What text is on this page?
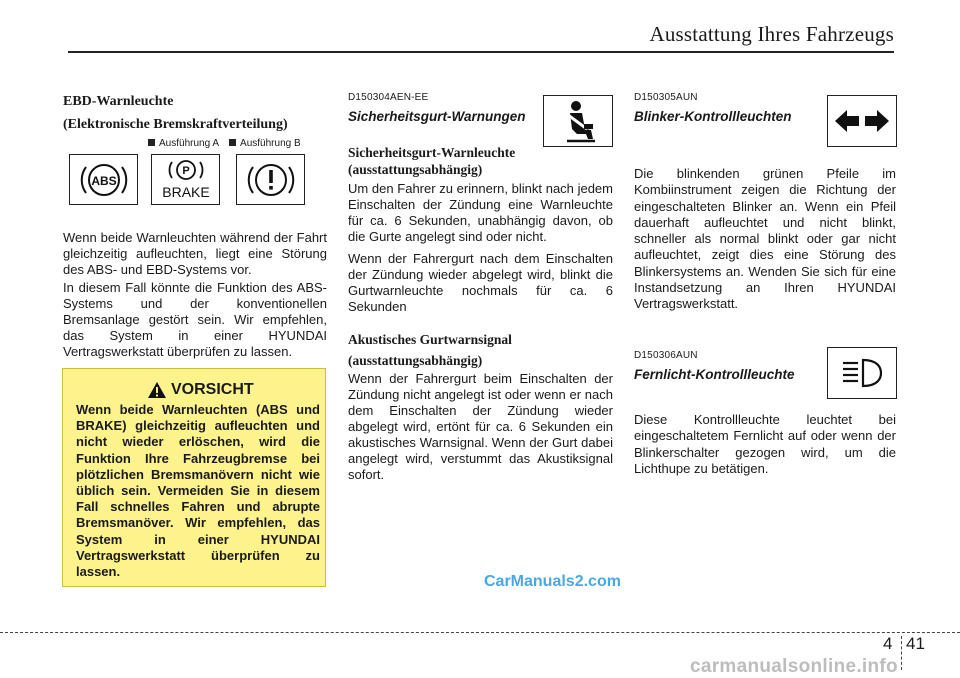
Ausstattung Ihres Fahrzeugs
EBD-Warnleuchte
(Elektronische Bremskraftverteilung)
Ausführung A Ausführung B
ABS
P
BRAKE
Wenn beide Warnleuchten während der Fahrt gleichzeitig aufleuchten, liegt eine Störung des ABS- und EBD-Systems vor.
In diesem Fall könnte die Funktion des ABS-Systems und der konventionellen Bremsanlage gestört sein. Wir empfehlen, das System in einer HYUNDAI Vertragswerkstatt überprüfen zu lassen.
VORSICHT
Wenn beide Warnleuchten (ABS und BRAKE) gleichzeitig aufleuchten und nicht wieder erlöschen, wird die Funktion Ihre Fahrzeugbremse bei plötzlichen Bremsmanövern nicht wie üblich sein. Vermeiden Sie in diesem Fall schnelles Fahren und abrupte Bremsmanöver. Wir empfehlen, das System in einer HYUNDAI Vertragswerkstatt überprüfen zu lassen.
D150304AEN-EE
Sicherheitsgurt-Warnungen
Sicherheitsgurt-Warnleuchte
(ausstattungsabhängig)
Um den Fahrer zu erinnern, blinkt nach jedem Einschalten der Zündung eine Warnleuchte für ca. 6 Sekunden, unabhängig davon, ob die Gurte angelegt sind oder nicht.
Wenn der Fahrergurt nach dem Einschalten der Zündung wieder abgelegt wird, blinkt die Gurtwarnleuchte nochmals für ca. 6 Sekunden
Akustisches Gurtwarnsignal
(ausstattungsabhängig)
Wenn der Fahrergurt beim Einschalten der Zündung nicht angelegt ist oder wenn er nach dem Einschalten der Zündung wieder abgelegt wird, ertönt für ca. 6 Sekunden ein akustisches Warnsignal. Wenn der Gurt dabei angelegt wird, verstummt das Akustiksignal sofort.
D150305AUN
Blinker-Kontrollleuchten
Die blinkenden grünen Pfeile im Kombiinstrument zeigen die Richtung der eingeschalteten Blinker an. Wenn ein Pfeil dauerhaft aufleuchtet und nicht blinkt, schneller als normal blinkt oder gar nicht aufleuchtet, zeigt dies eine Störung des Blinkersystems an. Wenden Sie sich für eine Instandsetzung an Ihren HYUNDAI Vertragswerkstatt.
D150306AUN
Fernlicht-Kontrollleuchte
Diese Kontrollleuchte leuchtet bei eingeschaltetem Fernlicht auf oder wenn der Blinkerschalter gezogen wird, um die Lichthupe zu betätigen.
CarManuals2.com
4 41
carmanualsonline.info
